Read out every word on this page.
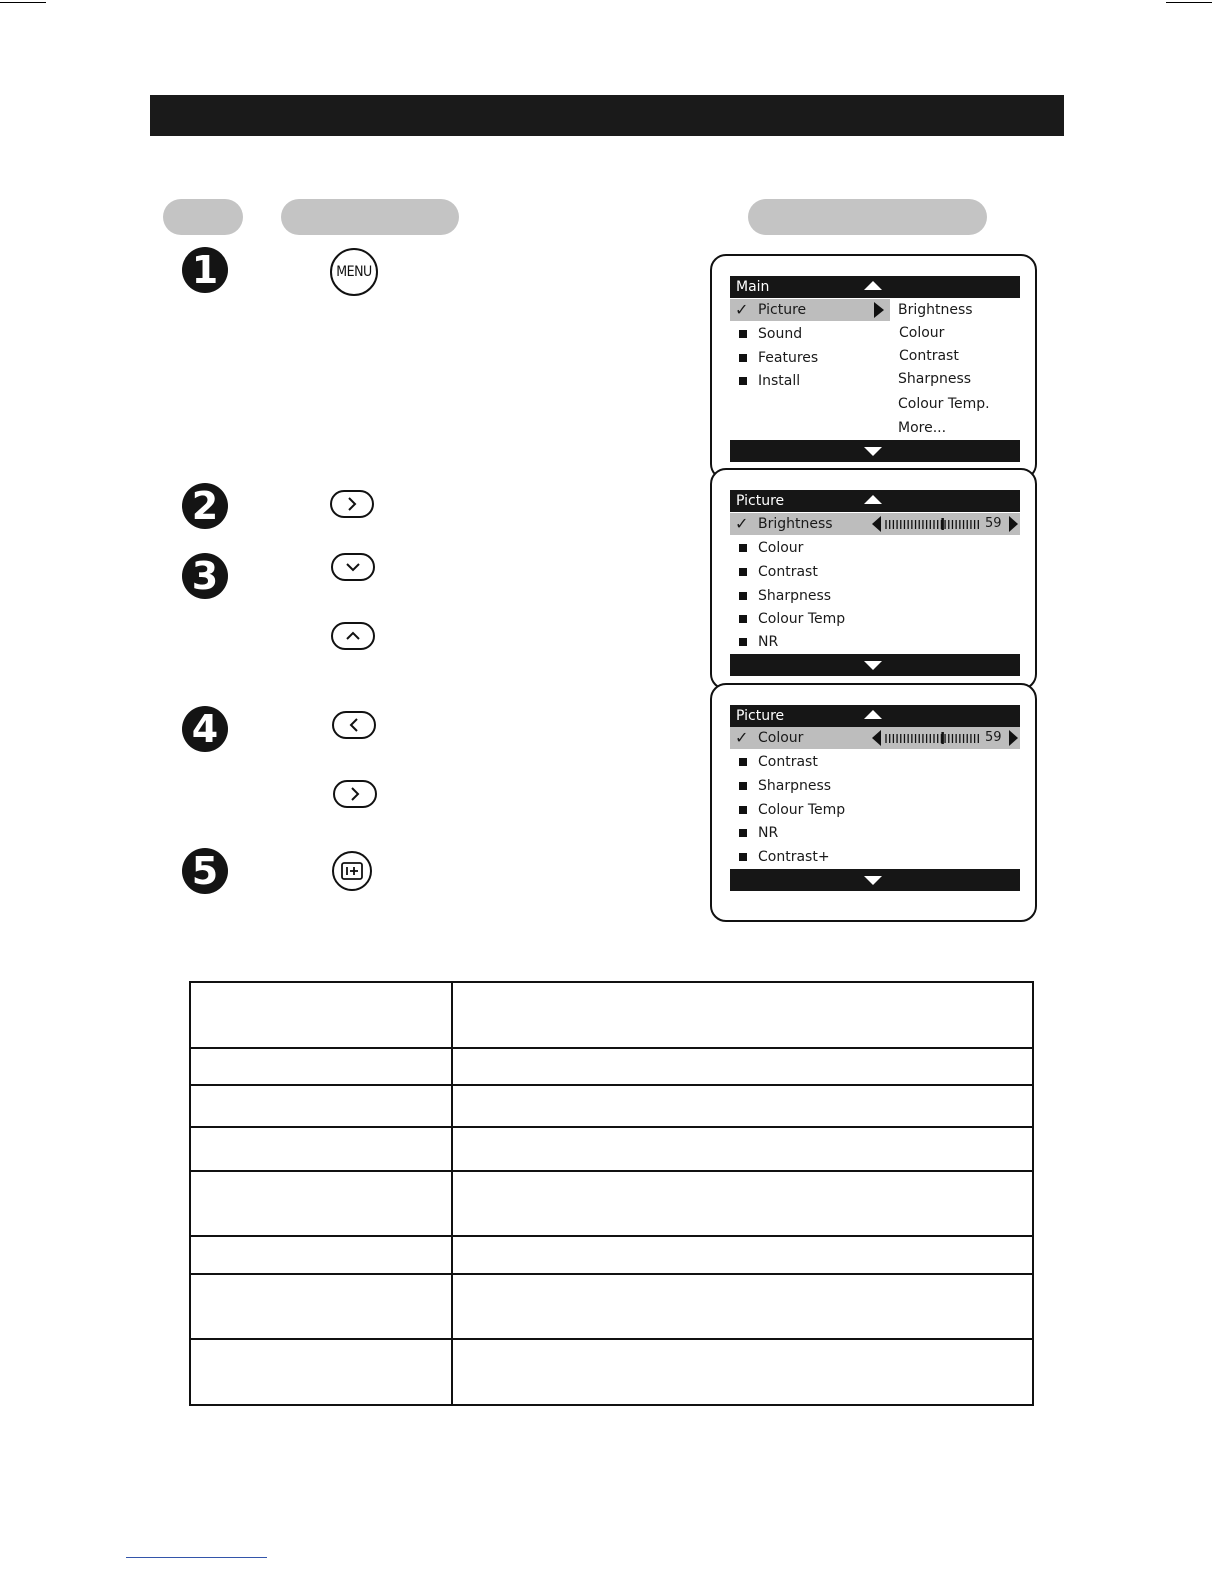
1
2
3
4
5
MENU
Main
✓ Picture
Sound
Features
Install
Brightness
Colour
Contrast
Sharpness
Colour Temp.
More...
Picture
✓ Brightness	59
Colour
Contrast
Sharpness
Colour Temp
NR
Picture
✓ Colour	59
Contrast
Sharpness
Colour Temp
NR
Contrast+
